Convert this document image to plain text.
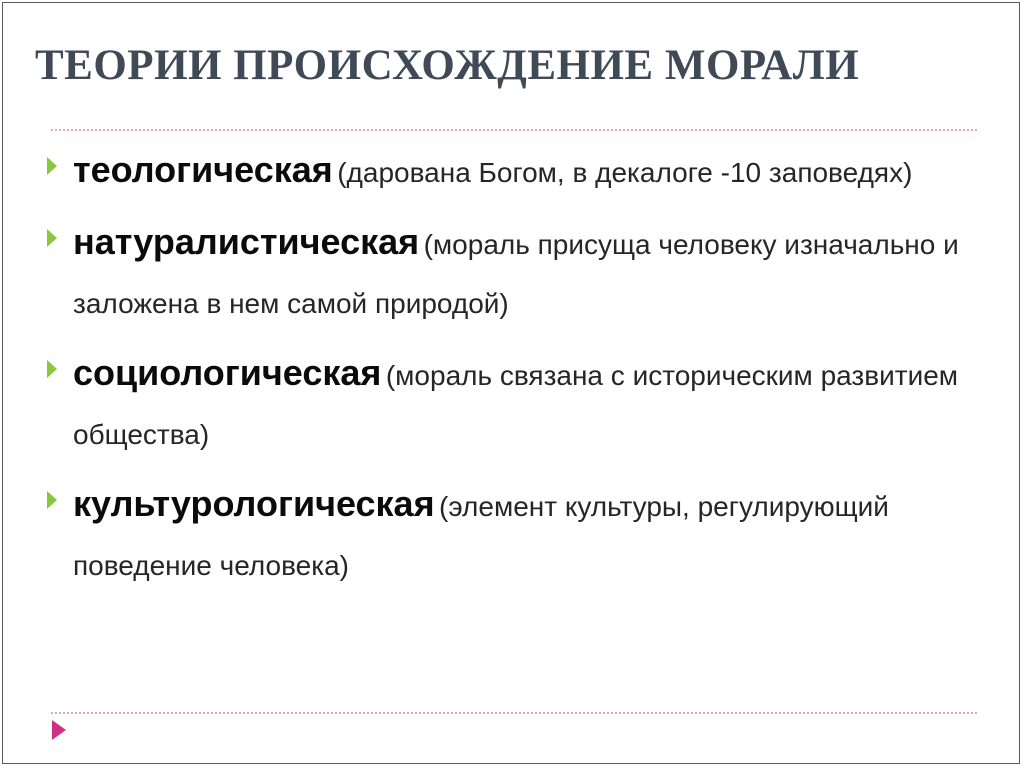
ТЕОРИИ ПРОИСХОЖДЕНИЕ МОРАЛИ
теологическая (дарована Богом, в декалоге -10 заповедях)
натуралистическая (мораль присуща человеку изначально и заложена в нем самой природой)
социологическая (мораль связана с историческим развитием общества)
культурологическая (элемент культуры, регулирующий поведение человека)
